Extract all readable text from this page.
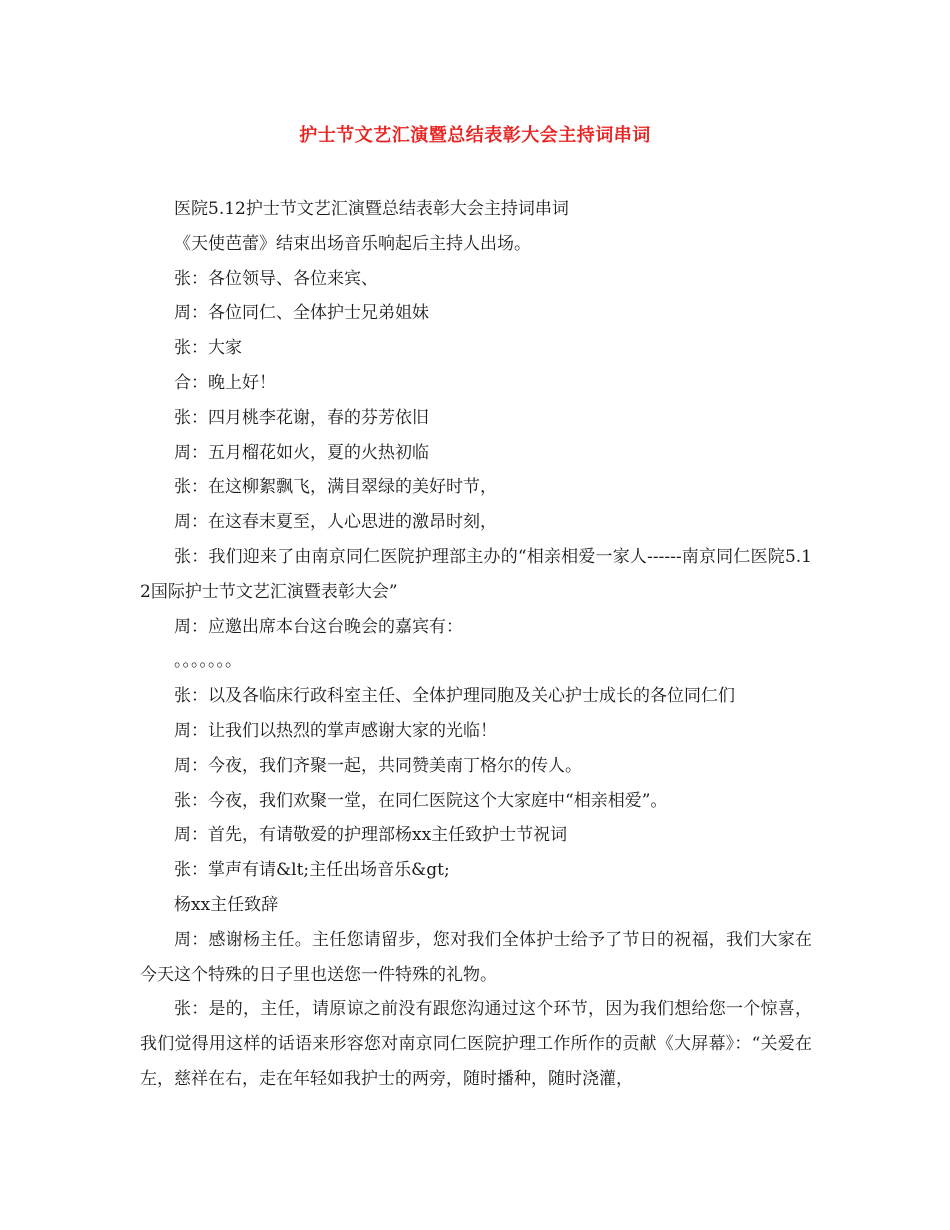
护士节文艺汇演暨总结表彰大会主持词串词

医院5.12护士节文艺汇演暨总结表彰大会主持词串词

《天使芭蕾》结束出场音乐响起后主持人出场。

张：各位领导、各位来宾、

周：各位同仁、全体护士兄弟姐妹

张：大家

合：晚上好！

张：四月桃李花谢，春的芬芳依旧

周：五月榴花如火，夏的火热初临

张：在这柳絮飘飞，满目翠绿的美好时节，

周：在这春末夏至，人心思进的激昂时刻，

张：我们迎来了由南京同仁医院护理部主办的“相亲相爱一家人------南京同仁医院5.12国际护士节文艺汇演暨表彰大会”

周：应邀出席本台这台晚会的嘉宾有：

。。。。。。。

张：以及各临床行政科室主任、全体护理同胞及关心护士成长的各位同仁们

周：让我们以热烈的掌声感谢大家的光临！

周：今夜，我们齐聚一起，共同赞美南丁格尔的传人。

张：今夜，我们欢聚一堂，在同仁医院这个大家庭中“相亲相爱”。

周：首先，有请敬爱的护理部杨xx主任致护士节祝词

张：掌声有请&lt;主任出场音乐&gt;

杨xx主任致辞

周：感谢杨主任。主任您请留步，您对我们全体护士给予了节日的祝福，我们大家在今天这个特殊的日子里也送您一件特殊的礼物。

张：是的，主任，请原谅之前没有跟您沟通过这个环节，因为我们想给您一个惊喜，我们觉得用这样的话语来形容您对南京同仁医院护理工作所作的贡献《大屏幕》：“关爱在左，慈祥在右，走在年轻如我护士的两旁，随时播种，随时浇灌，
